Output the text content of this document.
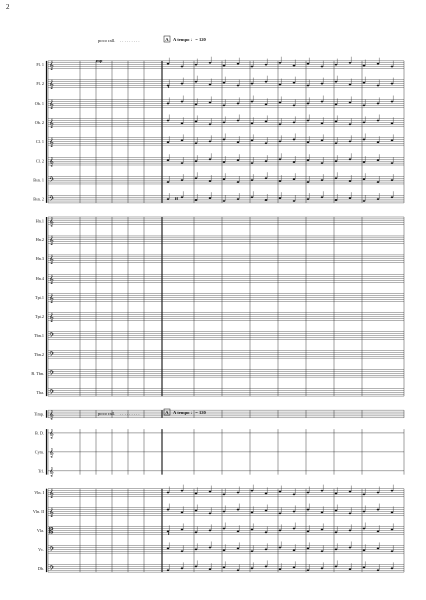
2
Fl. 1
Fl. 2
Ob. 1
Ob. 2
Cl. 1
Cl. 2
Bsn. 1
Bsn. 2
Hn.1
Hn.2
Hn.3
Hn.4
Tpt.1
Tpt.2
Tbn.1
Tbn.2
B. Tbn.
Tba.
Timp.
B. D.
Cym.
Trl.
Vln. I
Vln. II
Vla.
Vc.
Db.
𝄞
𝄞
𝄞
𝄞
𝄞
𝄞
𝄢
𝄢
𝄞
𝄞
𝄞
𝄞
𝄞
𝄞
𝄢
𝄢
𝄢
𝄢
𝄞
𝄞
𝄞
𝄞
𝄞
𝄞
𝄡
𝄢
𝄢
poco rall. . . . . . . . . .	A A tempo ♩= 120
poco rall. . . . . . . . . .	A A tempo ♩= 120
mp
f
ff
f
